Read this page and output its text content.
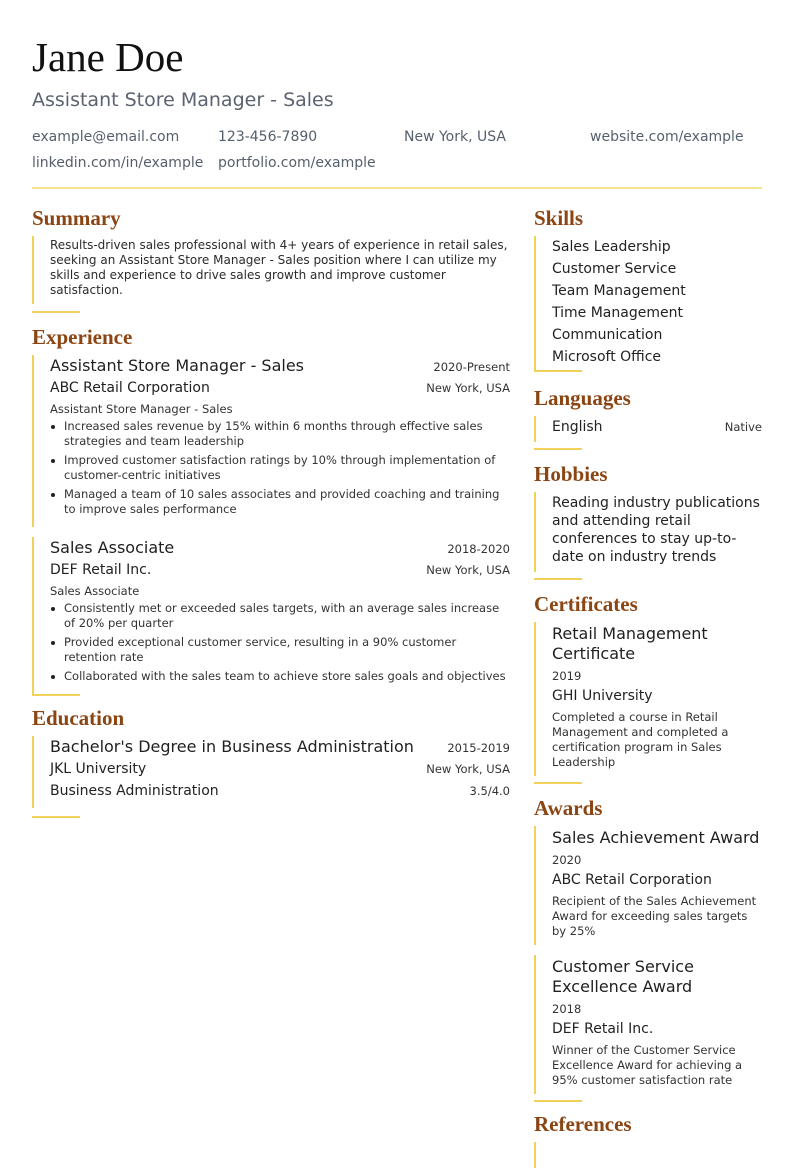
Jane Doe
Assistant Store Manager - Sales
example@email.com	123-456-7890	New York, USA	website.com/example
linkedin.com/in/example	portfolio.com/example
Summary
Results-driven sales professional with 4+ years of experience in retail sales, seeking an Assistant Store Manager - Sales position where I can utilize my skills and experience to drive sales growth and improve customer satisfaction.
Experience
Assistant Store Manager - Sales	2020-Present
ABC Retail Corporation	New York, USA
Assistant Store Manager - Sales
Increased sales revenue by 15% within 6 months through effective sales strategies and team leadership
Improved customer satisfaction ratings by 10% through implementation of customer-centric initiatives
Managed a team of 10 sales associates and provided coaching and training to improve sales performance
Sales Associate	2018-2020
DEF Retail Inc.	New York, USA
Sales Associate
Consistently met or exceeded sales targets, with an average sales increase of 20% per quarter
Provided exceptional customer service, resulting in a 90% customer retention rate
Collaborated with the sales team to achieve store sales goals and objectives
Education
Bachelor's Degree in Business Administration	2015-2019
JKL University	New York, USA
Business Administration	3.5/4.0
Skills
Sales Leadership
Customer Service
Team Management
Time Management
Communication
Microsoft Office
Languages
English	Native
Hobbies
Reading industry publications and attending retail conferences to stay up-to-date on industry trends
Certificates
Retail Management Certificate
2019
GHI University
Completed a course in Retail Management and completed a certification program in Sales Leadership
Awards
Sales Achievement Award
2020
ABC Retail Corporation
Recipient of the Sales Achievement Award for exceeding sales targets by 25%
Customer Service Excellence Award
2018
DEF Retail Inc.
Winner of the Customer Service Excellence Award for achieving a 95% customer satisfaction rate
References
